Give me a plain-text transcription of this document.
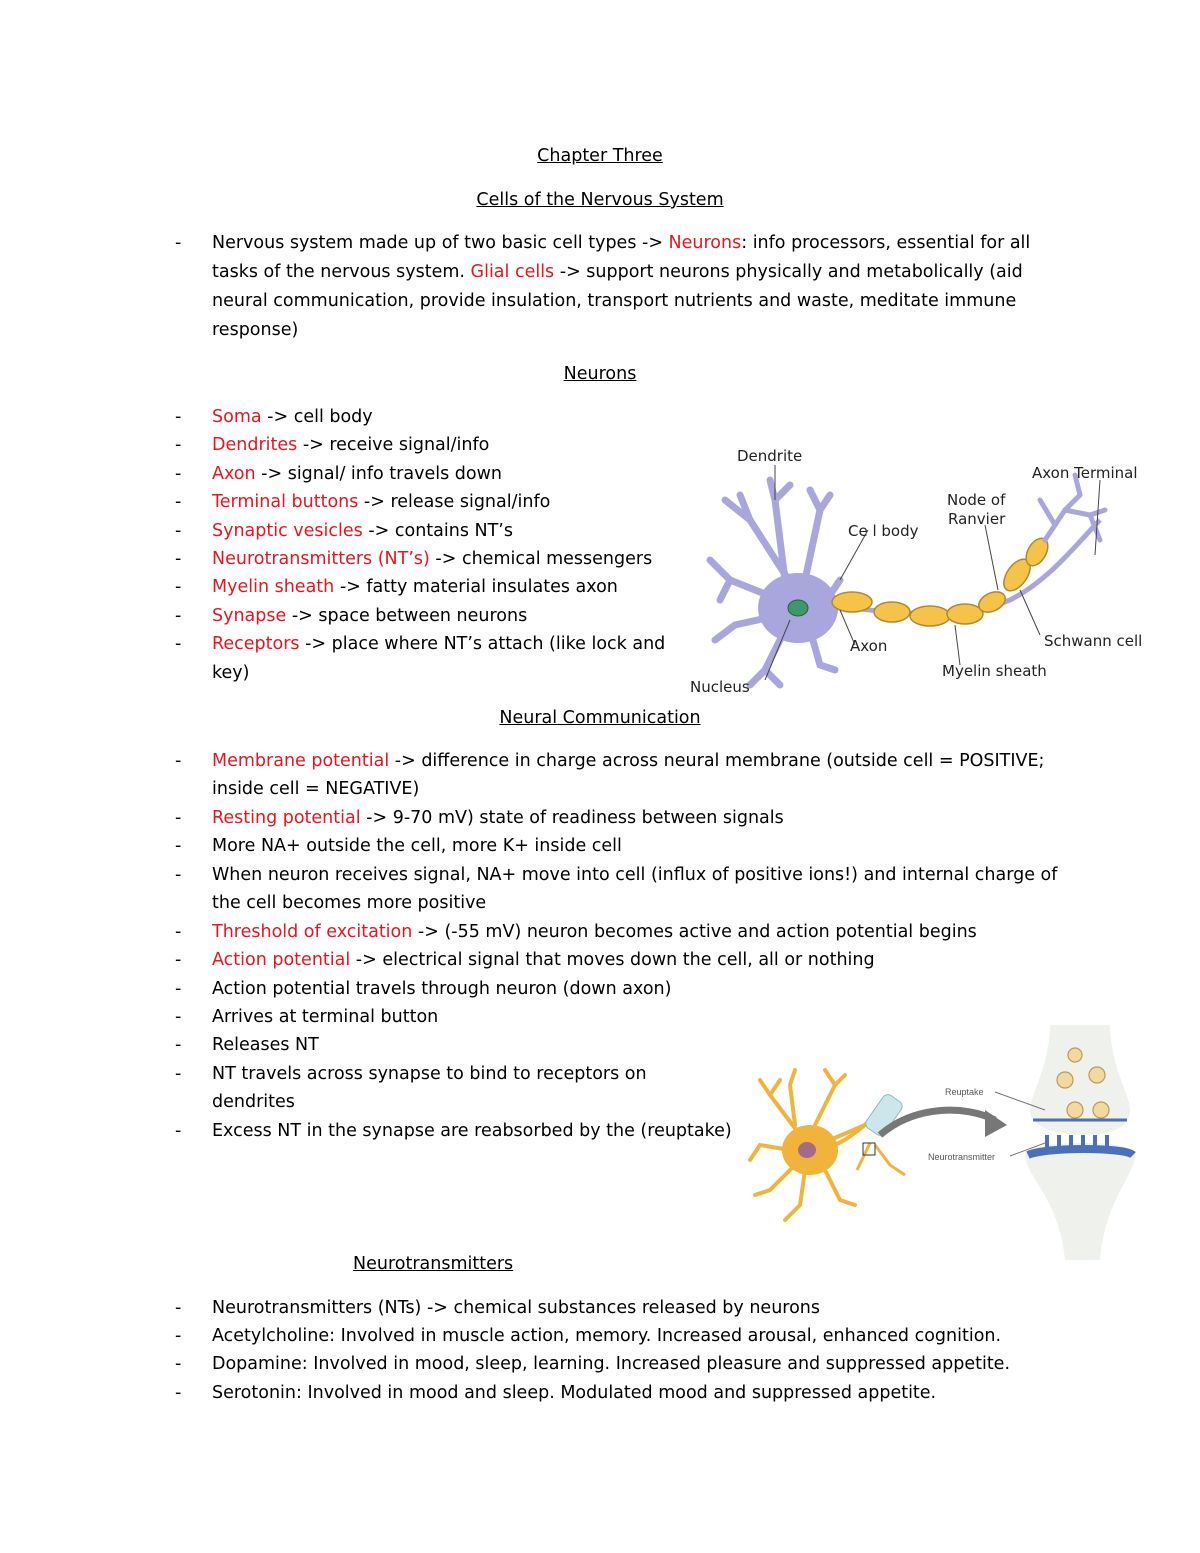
Chapter Three
Cells of the Nervous System
- Nervous system made up of two basic cell types -> Neurons: info processors, essential for all
tasks of the nervous system. Glial cells -> support neurons physically and metabolically (aid
neural communication, provide insulation, transport nutrients and waste, meditate immune
response)
Neurons
- Soma -> cell body
- Dendrites -> receive signal/info
- Axon -> signal/ info travels down
- Terminal buttons -> release signal/info
- Synaptic vesicles -> contains NT’s
- Neurotransmitters (NT’s) -> chemical messengers
- Myelin sheath -> fatty material insulates axon
- Synapse -> space between neurons
- Receptors -> place where NT’s attach (like lock and
key)
Dendrite
Ce l body
Nucleus
Axon
Node of
Ranvier
Axon Terminal
Schwann cell
Myelin sheath
Neural Communication
- Membrane potential -> difference in charge across neural membrane (outside cell = POSITIVE;
inside cell = NEGATIVE)
- Resting potential -> 9-70 mV) state of readiness between signals
- More NA+ outside the cell, more K+ inside cell
- When neuron receives signal, NA+ move into cell (influx of positive ions!) and internal charge of
the cell becomes more positive
- Threshold of excitation -> (-55 mV) neuron becomes active and action potential begins
- Action potential -> electrical signal that moves down the cell, all or nothing
- Action potential travels through neuron (down axon)
- Arrives at terminal button
- Releases NT
- NT travels across synapse to bind to receptors on
dendrites
- Excess NT in the synapse are reabsorbed by the (reuptake)
Reuptake
Neurotransmitter
Neurotransmitters
- Neurotransmitters (NTs) -> chemical substances released by neurons
- Acetylcholine: Involved in muscle action, memory. Increased arousal, enhanced cognition.
- Dopamine: Involved in mood, sleep, learning. Increased pleasure and suppressed appetite.
- Serotonin: Involved in mood and sleep. Modulated mood and suppressed appetite.
